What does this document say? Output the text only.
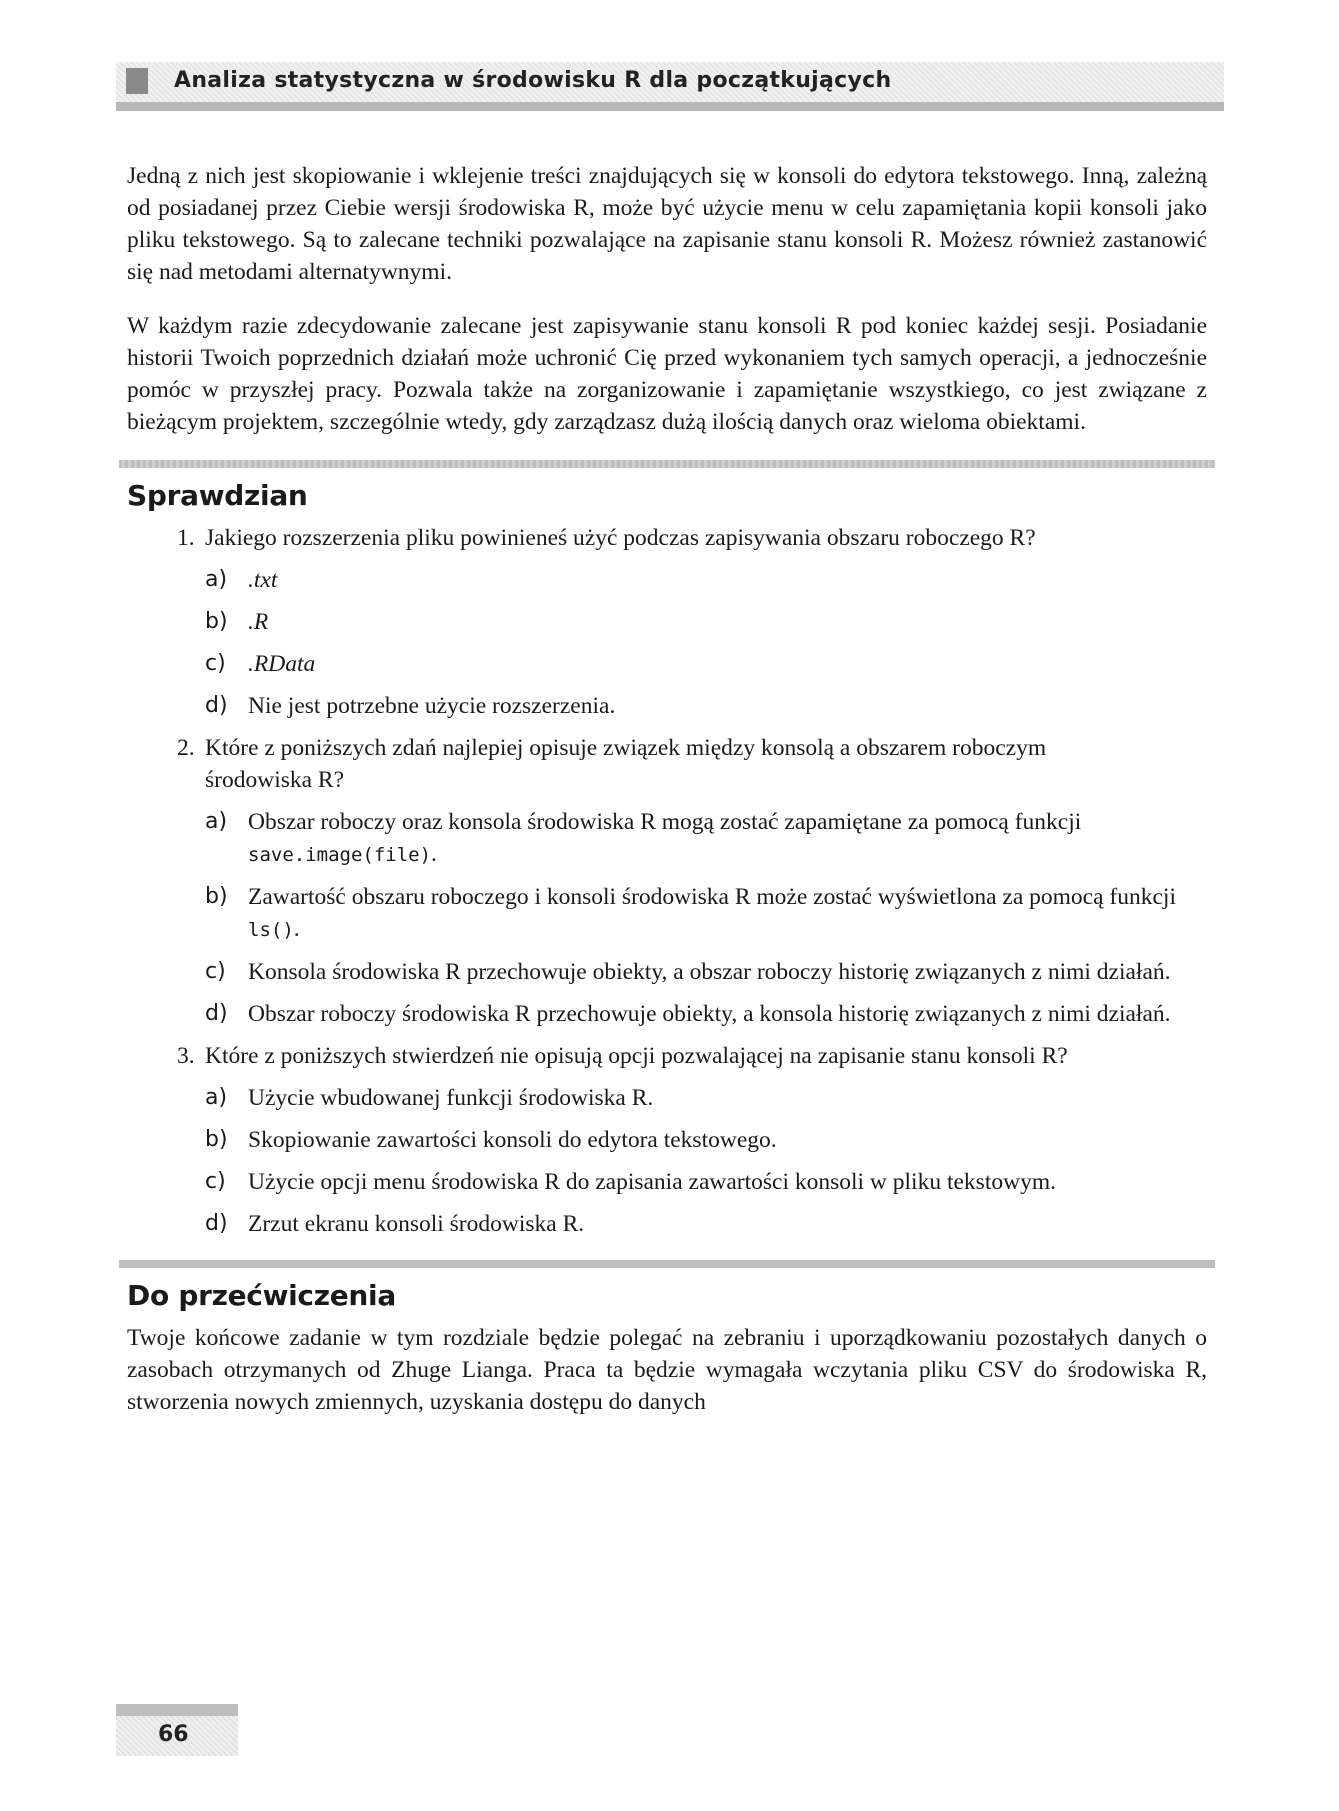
Analiza statystyczna w środowisku R dla początkujących

Jedną z nich jest skopiowanie i wklejenie treści znajdujących się w konsoli do edytora tekstowego. Inną, zależną od posiadanej przez Ciebie wersji środowiska R, może być użycie menu w celu zapamiętania kopii konsoli jako pliku tekstowego. Są to zalecane techniki pozwalające na zapisanie stanu konsoli R. Możesz również zastanowić się nad metodami alternatywnymi.

W każdym razie zdecydowanie zalecane jest zapisywanie stanu konsoli R pod koniec każdej sesji. Posiadanie historii Twoich poprzednich działań może uchronić Cię przed wykonaniem tych samych operacji, a jednocześnie pomóc w przyszłej pracy. Pozwala także na zorganizowanie i zapamiętanie wszystkiego, co jest związane z bieżącym projektem, szczególnie wtedy, gdy zarządzasz dużą ilością danych oraz wieloma obiektami.

Sprawdzian
1. Jakiego rozszerzenia pliku powinieneś użyć podczas zapisywania obszaru roboczego R?
a) .txt
b) .R
c) .RData
d) Nie jest potrzebne użycie rozszerzenia.
2. Które z poniższych zdań najlepiej opisuje związek między konsolą a obszarem roboczym środowiska R?
a) Obszar roboczy oraz konsola środowiska R mogą zostać zapamiętane za pomocą funkcji save.image(file).
b) Zawartość obszaru roboczego i konsoli środowiska R może zostać wyświetlona za pomocą funkcji ls().
c) Konsola środowiska R przechowuje obiekty, a obszar roboczy historię związanych z nimi działań.
d) Obszar roboczy środowiska R przechowuje obiekty, a konsola historię związanych z nimi działań.
3. Które z poniższych stwierdzeń nie opisują opcji pozwalającej na zapisanie stanu konsoli R?
a) Użycie wbudowanej funkcji środowiska R.
b) Skopiowanie zawartości konsoli do edytora tekstowego.
c) Użycie opcji menu środowiska R do zapisania zawartości konsoli w pliku tekstowym.
d) Zrzut ekranu konsoli środowiska R.
Do przećwiczenia

Twoje końcowe zadanie w tym rozdziale będzie polegać na zebraniu i uporządkowaniu pozostałych danych o zasobach otrzymanych od Zhuge Lianga. Praca ta będzie wymagała wczytania pliku CSV do środowiska R, stworzenia nowych zmiennych, uzyskania dostępu do danych

66
